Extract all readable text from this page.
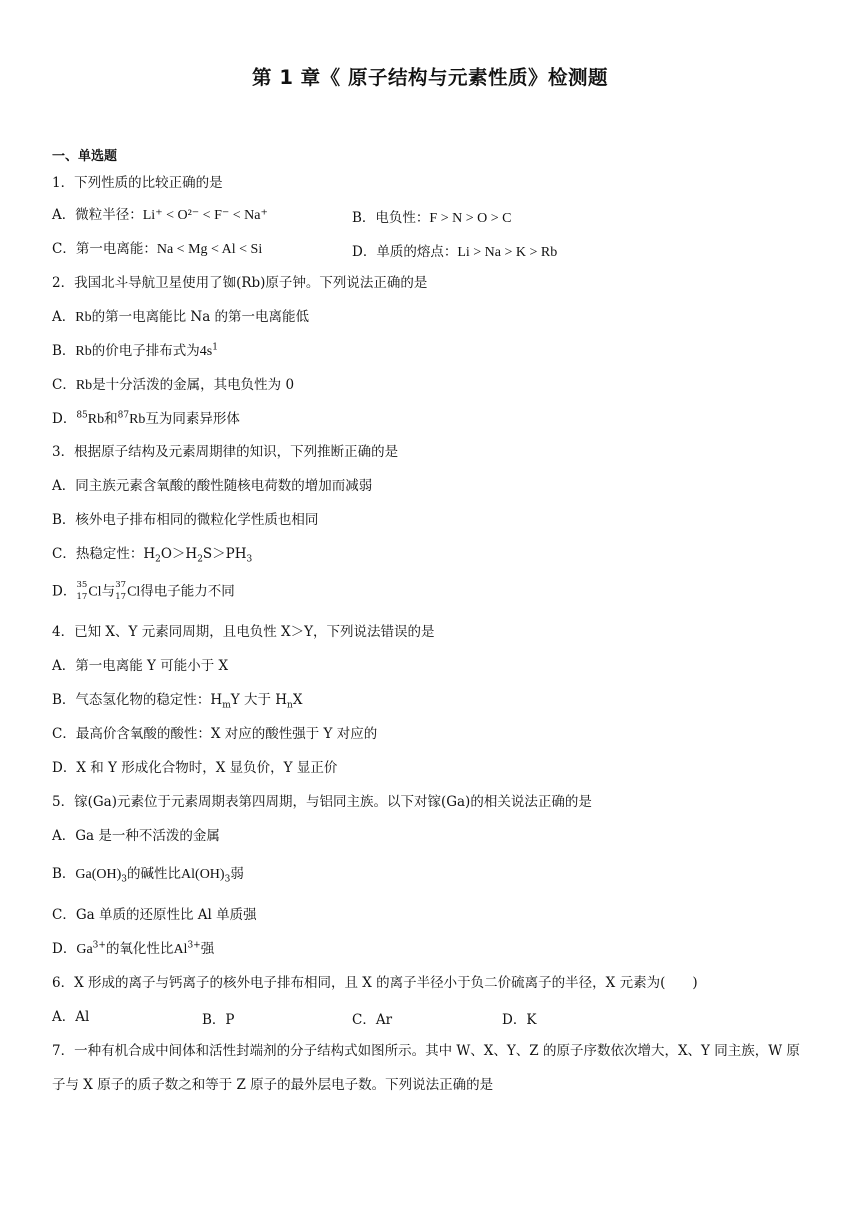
第 1 章《 原子结构与元素性质》检测题
一、单选题
1．下列性质的比较正确的是
A．微粒半径：Li⁺ < O²⁻ < F⁻ < Na⁺	B．电负性：F > N > O > C
C．第一电离能：Na < Mg < Al < Si	D．单质的熔点：Li > Na > K > Rb
2．我国北斗导航卫星使用了铷(Rb)原子钟。下列说法正确的是
A．Rb的第一电离能比 Na 的第一电离能低
B．Rb的价电子排布式为$4s^1$
C．Rb是十分活泼的金属，其电负性为 0
D．$^{85}$Rb和$^{87}$Rb互为同素异形体
3．根据原子结构及元素周期律的知识，下列推断正确的是
A．同主族元素含氧酸的酸性随核电荷数的增加而减弱
B．核外电子排布相同的微粒化学性质也相同
C．热稳定性：$H_2O>H_2S>PH_3$
D． 35
17 Cl与 37
17 Cl得电子能力不同
4．已知 X、Y 元素同周期，且电负性 X＞Y，下列说法错误的是
A．第一电离能 Y 可能小于 X
B．气态氢化物的稳定性：$H_mY$ 大于 $H_nX$
C．最高价含氧酸的酸性：X 对应的酸性强于 Y 对应的
D．X 和 Y 形成化合物时，X 显负价，Y 显正价
5．镓(Ga)元素位于元素周期表第四周期，与铝同主族。以下对镓(Ga)的相关说法正确的是
A．Ga 是一种不活泼的金属
B．$Ga(OH)_3$的碱性比$Al(OH)_3$弱
C．Ga 单质的还原性比 Al 单质强
D．$Ga^{3+}$的氧化性比$Al^{3+}$强
6．X 形成的离子与钙离子的核外电子排布相同，且 X 的离子半径小于负二价硫离子的半径，X 元素为(　　)
A．Al	B．P	C．Ar	D．K
7．一种有机合成中间体和活性封端剂的分子结构式如图所示。其中 W、X、Y、Z 的原子序数依次增大，X、Y 同主族，W 原子与 X 原子的质子数之和等于 Z 原子的最外层电子数。下列说法正确的是
